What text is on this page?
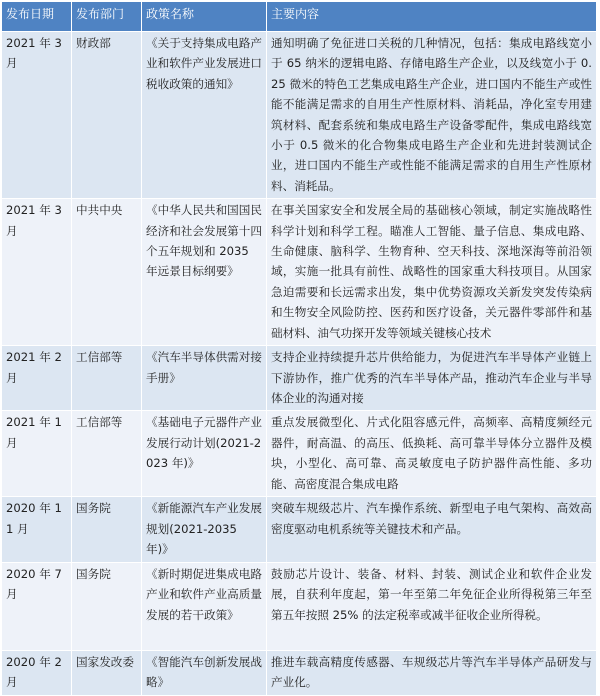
发布日期	发布部门	政策名称	主要内容
2021 年 3 月	财政部	《关于支持集成电路产业和软件产业发展进口税收政策的通知》	通知明确了免征进口关税的几种情况，包括：集成电路线宽小于 65 纳米的逻辑电路、存储电路生产企业，以及线宽小于 0.25 微米的特色工艺集成电路生产企业，进口国内不能生产或性能不能满足需求的自用生产性原材料、消耗品，净化室专用建筑材料、配套系统和集成电路生产设备零配件，集成电路线宽小于 0.5 微米的化合物集成电路生产企业和先进封装测试企业，进口国内不能生产或性能不能满足需求的自用生产性原材料、消耗品。
2021 年 3 月	中共中央	《中华人民共和国国民经济和社会发展第十四个五年规划和 2035 年远景目标纲要》	在事关国家安全和发展全局的基础核心领域，制定实施战略性科学计划和科学工程。瞄准人工智能、量子信息、集成电路、生命健康、脑科学、生物育种、空天科技、深地深海等前沿领域，实施一批具有前性、战略性的国家重大科技项目。从国家急迫需要和长远需求出发，集中优势资源攻关新发突发传染病和生物安全风险防控、医药和医疗设备，关元器件零部件和基础材料、油气功探开发等领域关键核心技术
2021 年 2 月	工信部等	《汽车半导体供需对接手册》	支持企业持续提升芯片供给能力，为促进汽车半导体产业链上下游协作，推广优秀的汽车半导体产品，推动汽车企业与半导体企业的沟通对接
2021 年 1 月	工信部等	《基础电子元器件产业发展行动计划(2021-2023 年)》	重点发展微型化、片式化阻容感元件，高频率、高精度频经元器件，耐高温、的高压、低换耗、高可靠半导体分立器件及模块，小型化、高可靠、高灵敏度电子防护器件高性能、多功能、高密度混合集成电路
2020 年 11 月	国务院	《新能源汽车产业发展规划(2021-2035 年)》	突破车规级芯片、汽车操作系统、新型电子电气架构、高效高密度驱动电机系统等关键技术和产品。
2020 年 7 月	国务院	《新时期促进集成电路产业和软件产业高质量发展的若干政策》	鼓励芯片设计、装备、材料、封装、测试企业和软件企业发展，自获利年度起，第一年至第二年免征企业所得税第三年至第五年按照 25% 的法定税率或减半征收企业所得税。
2020 年 2 月	国家发改委	《智能汽车创新发展战略》	推进车载高精度传感器、车规级芯片等汽车半导体产品研发与产业化。
